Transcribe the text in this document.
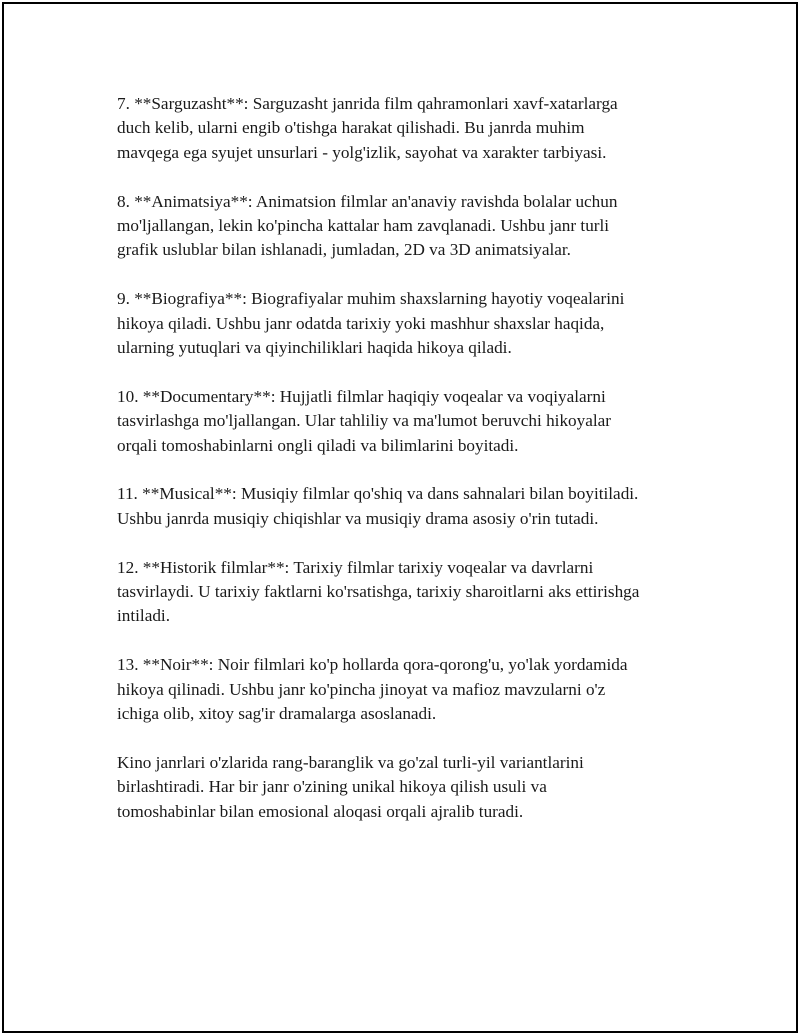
7. **Sarguzasht**: Sarguzasht janrida film qahramonlari xavf-xatarlarga
duch kelib, ularni engib o'tishga harakat qilishadi. Bu janrda muhim
mavqega ega syujet unsurlari - yolg'izlik, sayohat va xarakter tarbiyasi.

8. **Animatsiya**: Animatsion filmlar an'anaviy ravishda bolalar uchun
mo'ljallangan, lekin ko'pincha kattalar ham zavqlanadi. Ushbu janr turli
grafik uslublar bilan ishlanadi, jumladan, 2D va 3D animatsiyalar.

9. **Biografiya**: Biografiyalar muhim shaxslarning hayotiy voqealarini
hikoya qiladi. Ushbu janr odatda tarixiy yoki mashhur shaxslar haqida,
ularning yutuqlari va qiyinchiliklari haqida hikoya qiladi.

10. **Documentary**: Hujjatli filmlar haqiqiy voqealar va voqiyalarni
tasvirlashga mo'ljallangan. Ular tahliliy va ma'lumot beruvchi hikoyalar
orqali tomoshabinlarni ongli qiladi va bilimlarini boyitadi.

11. **Musical**: Musiqiy filmlar qo'shiq va dans sahnalari bilan boyitiladi.
Ushbu janrda musiqiy chiqishlar va musiqiy drama asosiy o'rin tutadi.

12. **Historik filmlar**: Tarixiy filmlar tarixiy voqealar va davrlarni
tasvirlaydi. U tarixiy faktlarni ko'rsatishga, tarixiy sharoitlarni aks ettirishga
intiladi.

13. **Noir**: Noir filmlari ko'p hollarda qora-qorong'u, yo'lak yordamida
hikoya qilinadi. Ushbu janr ko'pincha jinoyat va mafioz mavzularni o'z
ichiga olib, xitoy sag'ir dramalarga asoslanadi.

Kino janrlari o'zlarida rang-baranglik va go'zal turli-yil variantlarini
birlashtiradi. Har bir janr o'zining unikal hikoya qilish usuli va
tomoshabinlar bilan emosional aloqasi orqali ajralib turadi.
